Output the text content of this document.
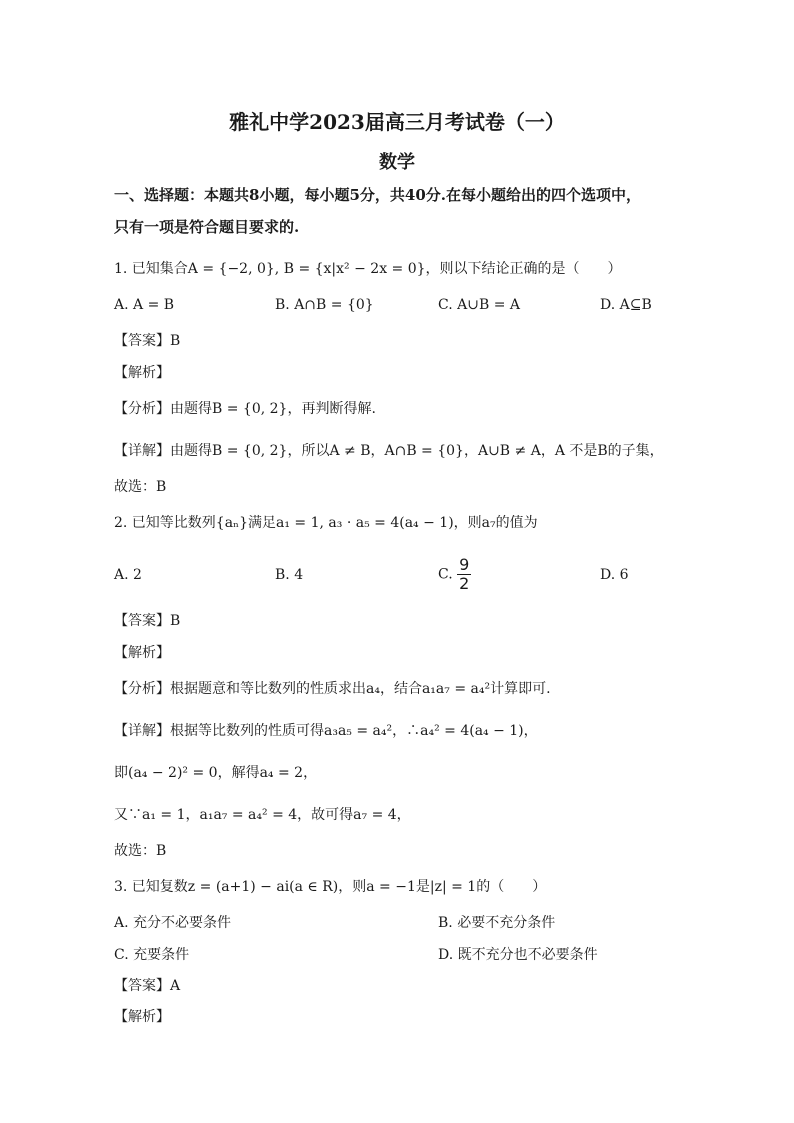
雅礼中学2023届高三月考试卷（一）
数学
一、选择题：本题共8小题，每小题5分，共40分.在每小题给出的四个选项中，
只有一项是符合题目要求的.
1. 已知集合A = {−2, 0}, B = {x|x² − 2x = 0}，则以下结论正确的是（　　）
A. A = B	B. A∩B = {0}	C. A∪B = A	D. A⊆B
【答案】B
【解析】
【分析】由题得B = {0, 2}，再判断得解.
【详解】由题得B = {0, 2}，所以A ≠ B，A∩B = {0}，A∪B ≠ A，A 不是B的子集，
故选：B
2. 已知等比数列{aₙ}满足a₁ = 1, a₃ · a₅ = 4(a₄ − 1)，则a₇的值为
A. 2	B. 4	C. $\frac{9}{2}$	D. 6
【答案】B
【解析】
【分析】根据题意和等比数列的性质求出a₄，结合a₁a₇ = a₄²计算即可.
【详解】根据等比数列的性质可得a₃a₅ = a₄²，∴a₄² = 4(a₄ − 1)，
即(a₄ − 2)² = 0，解得a₄ = 2，
又∵a₁ = 1，a₁a₇ = a₄² = 4，故可得a₇ = 4，
故选：B
3. 已知复数z = (a+1) − ai(a ∈ R)，则a = −1是|z| = 1的（　　）
A. 充分不必要条件	B. 必要不充分条件
C. 充要条件	D. 既不充分也不必要条件
【答案】A
【解析】
